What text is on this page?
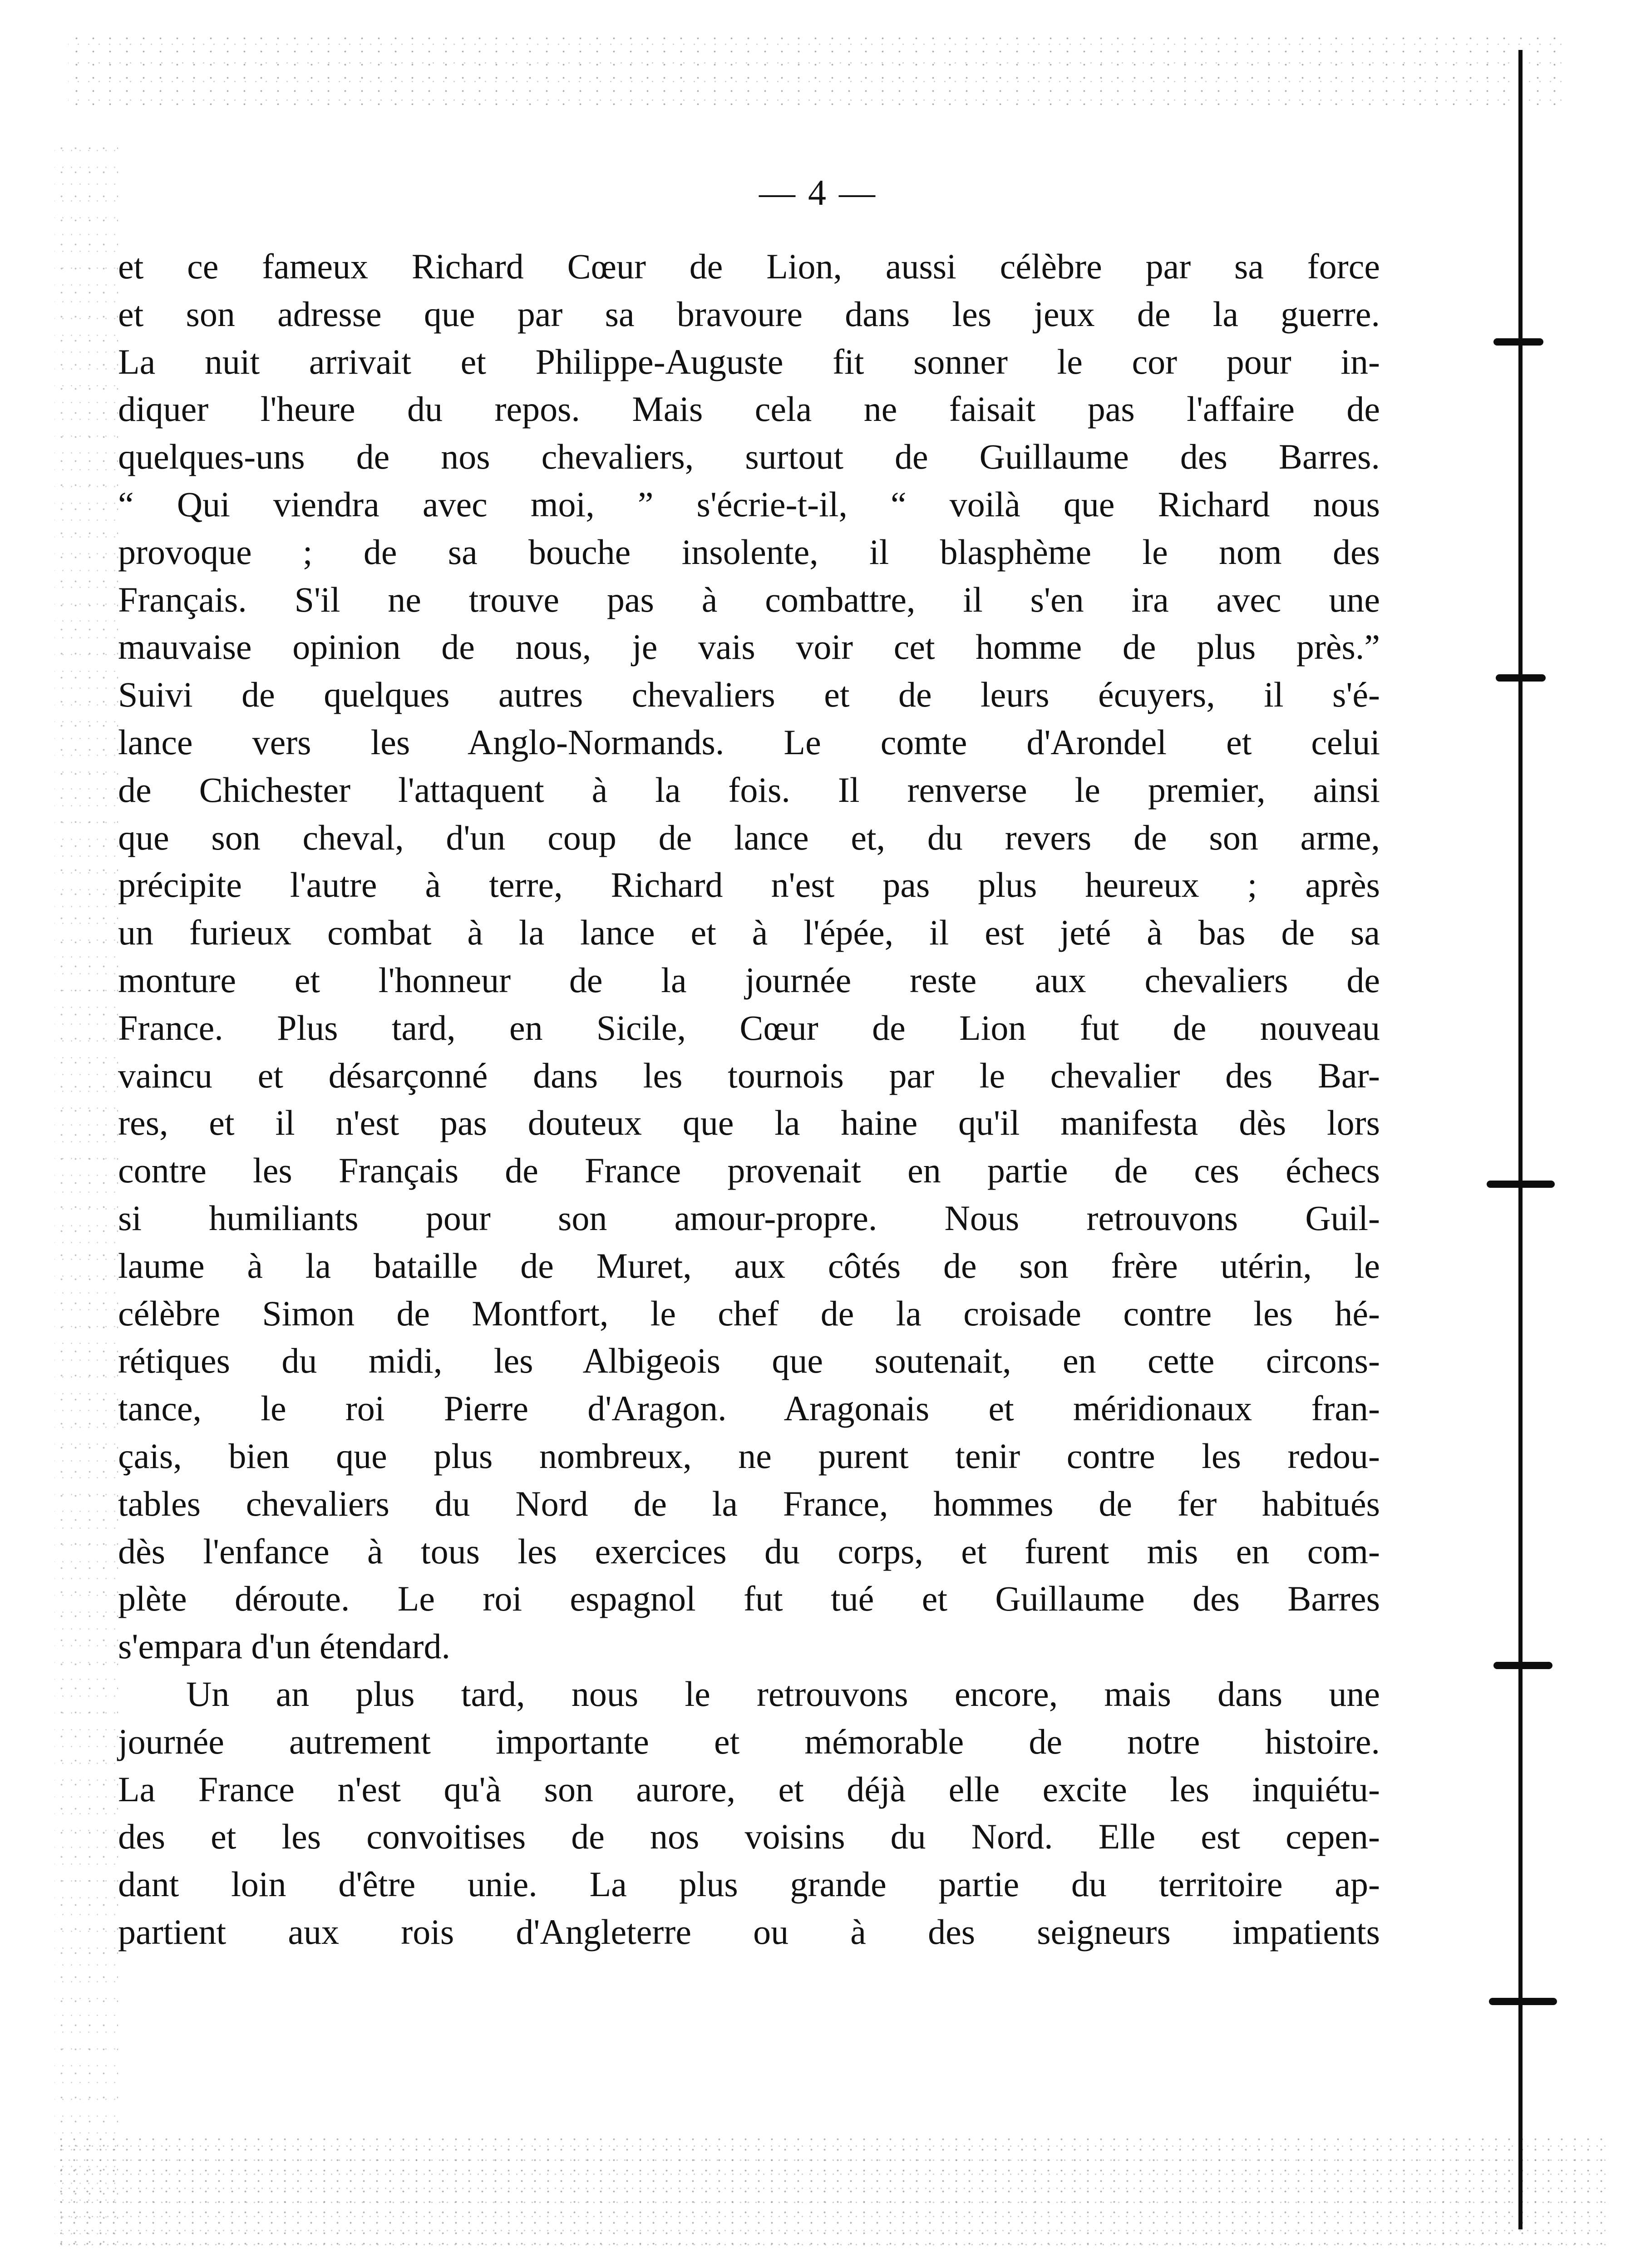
— 4 —
et ce fameux Richard Cœur de Lion, aussi célèbre par sa force
et son adresse que par sa bravoure dans les jeux de la guerre.
La nuit arrivait et Philippe-Auguste fit sonner le cor pour in-
diquer l'heure du repos. Mais cela ne faisait pas l'affaire de
quelques-uns de nos chevaliers, surtout de Guillaume des Barres.
“ Qui viendra avec moi, ” s'écrie-t-il, “ voilà que Richard nous
provoque ; de sa bouche insolente, il blasphème le nom des
Français. S'il ne trouve pas à combattre, il s'en ira avec une
mauvaise opinion de nous, je vais voir cet homme de plus près.”
Suivi de quelques autres chevaliers et de leurs écuyers, il s'é-
lance vers les Anglo-Normands. Le comte d'Arondel et celui
de Chichester l'attaquent à la fois. Il renverse le premier, ainsi
que son cheval, d'un coup de lance et, du revers de son arme,
précipite l'autre à terre, Richard n'est pas plus heureux ; après
un furieux combat à la lance et à l'épée, il est jeté à bas de sa
monture et l'honneur de la journée reste aux chevaliers de
France. Plus tard, en Sicile, Cœur de Lion fut de nouveau
vaincu et désarçonné dans les tournois par le chevalier des Bar-
res, et il n'est pas douteux que la haine qu'il manifesta dès lors
contre les Français de France provenait en partie de ces échecs
si humiliants pour son amour-propre. Nous retrouvons Guil-
laume à la bataille de Muret, aux côtés de son frère utérin, le
célèbre Simon de Montfort, le chef de la croisade contre les hé-
rétiques du midi, les Albigeois que soutenait, en cette circons-
tance, le roi Pierre d'Aragon. Aragonais et méridionaux fran-
çais, bien que plus nombreux, ne purent tenir contre les redou-
tables chevaliers du Nord de la France, hommes de fer habitués
dès l'enfance à tous les exercices du corps, et furent mis en com-
plète déroute. Le roi espagnol fut tué et Guillaume des Barres
s'empara d'un étendard.
Un an plus tard, nous le retrouvons encore, mais dans une
journée autrement importante et mémorable de notre histoire.
La France n'est qu'à son aurore, et déjà elle excite les inquiétu-
des et les convoitises de nos voisins du Nord. Elle est cepen-
dant loin d'être unie. La plus grande partie du territoire ap-
partient aux rois d'Angleterre ou à des seigneurs impatients
